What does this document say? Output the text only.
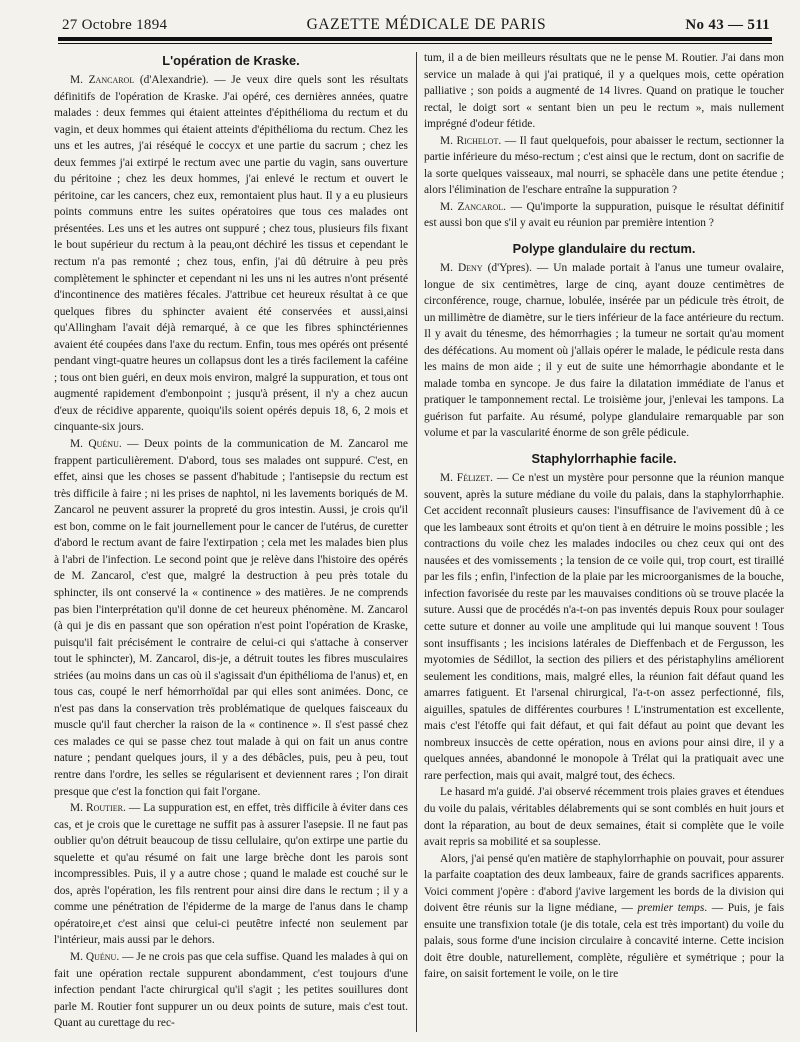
27 Octobre 1894	GAZETTE MÉDICALE DE PARIS	No 43 — 511
L'opération de Kraske.

M. Zancarol (d'Alexandrie). — Je veux dire quels sont les résultats définitifs de l'opération de Kraske. J'ai opéré, ces dernières années, quatre malades : deux femmes qui étaient atteintes d'épithélioma du rectum et du vagin, et deux hommes qui étaient atteints d'épithélioma du rectum. Chez les uns et les autres, j'ai réséqué le coccyx et une partie du sacrum ; chez les deux femmes j'ai extirpé le rectum avec une partie du vagin, sans ouverture du péritoine ; chez les deux hommes, j'ai enlevé le rectum et ouvert le péritoine, car les cancers, chez eux, remontaient plus haut. Il y a eu plusieurs points communs entre les suites opératoires que tous ces malades ont présentées. Les uns et les autres ont suppuré ; chez tous, plusieurs fils fixant le bout supérieur du rectum à la peau,ont déchiré les tissus et cependant le rectum n'a pas remonté ; chez tous, enfin, j'ai dû détruire à peu près complètement le sphincter et cependant ni les uns ni les autres n'ont présenté d'incontinence des matières fécales. J'attribue cet heureux résultat à ce que quelques fibres du sphincter avaient été conservées et aussi,ainsi qu'Allingham l'avait déjà remarqué, à ce que les fibres sphinctériennes avaient été coupées dans l'axe du rectum. Enfin, tous mes opérés ont présenté pendant vingt-quatre heures un collapsus dont les a tirés facilement la caféine ; tous ont bien guéri, en deux mois environ, malgré la suppuration, et tous ont augmenté rapidement d'embonpoint ; jusqu'à présent, il n'y a chez aucun d'eux de récidive apparente, quoiqu'ils soient opérés depuis 18, 6, 2 mois et cinquante-six jours.

M. Quénu. — Deux points de la communication de M. Zancarol me frappent particulièrement. D'abord, tous ses malades ont suppuré. C'est, en effet, ainsi que les choses se passent d'habitude ; l'antisepsie du rectum est très difficile à faire ; ni les prises de naphtol, ni les lavements boriqués de M. Zancarol ne peuvent assurer la propreté du gros intestin. Aussi, je crois qu'il est bon, comme on le fait journellement pour le cancer de l'utérus, de curetter d'abord le rectum avant de faire l'extirpation ; cela met les malades bien plus à l'abri de l'infection. Le second point que je relève dans l'histoire des opérés de M. Zancarol, c'est que, malgré la destruction à peu près totale du sphincter, ils ont conservé la « continence » des matières. Je ne comprends pas bien l'interprétation qu'il donne de cet heureux phénomène. M. Zancarol (à qui je dis en passant que son opération n'est point l'opération de Kraske, puisqu'il fait précisément le contraire de celui-ci qui s'attache à conserver tout le sphincter), M. Zancarol, dis-je, a détruit toutes les fibres musculaires striées (au moins dans un cas où il s'agissait d'un épithélioma de l'anus) et, en tous cas, coupé le nerf hémorrhoïdal par qui elles sont animées. Donc, ce n'est pas dans la conservation très problématique de quelques faisceaux du muscle qu'il faut chercher la raison de la « continence ». Il s'est passé chez ces malades ce qui se passe chez tout malade à qui on fait un anus contre nature ; pendant quelques jours, il y a des débâcles, puis, peu à peu, tout rentre dans l'ordre, les selles se régularisent et deviennent rares ; l'on dirait presque que c'est la fonction qui fait l'organe.

M. Routier. — La suppuration est, en effet, très difficile à éviter dans ces cas, et je crois que le curettage ne suffit pas à assurer l'asepsie. Il ne faut pas oublier qu'on détruit beaucoup de tissu cellulaire, qu'on extirpe une partie du squelette et qu'au résumé on fait une large brèche dont les parois sont incompressibles. Puis, il y a autre chose ; quand le malade est couché sur le dos, après l'opération, les fils rentrent pour ainsi dire dans le rectum ; il y a comme une pénétration de l'épiderme de la marge de l'anus dans le champ opératoire,et c'est ainsi que celui-ci peutêtre infecté non seulement par l'intérieur, mais aussi par le dehors.

M. Quénu. — Je ne crois pas que cela suffise. Quand les malades à qui on fait une opération rectale suppurent abondamment, c'est toujours d'une infection pendant l'acte chirurgical qu'il s'agit ; les petites souillures dont parle M. Routier font suppurer un ou deux points de suture, mais c'est tout. Quant au curettage du rec-

tum, il a de bien meilleurs résultats que ne le pense M. Routier. J'ai dans mon service un malade à qui j'ai pratiqué, il y a quelques mois, cette opération palliative ; son poids a augmenté de 14 livres. Quand on pratique le toucher rectal, le doigt sort « sentant bien un peu le rectum », mais nullement imprégné d'odeur fétide.

M. Richelot. — Il faut quelquefois, pour abaisser le rectum, sectionner la partie inférieure du méso-rectum ; c'est ainsi que le rectum, dont on sacrifie de la sorte quelques vaisseaux, mal nourri, se sphacèle dans une petite étendue ; alors l'élimination de l'eschare entraîne la suppuration ?

M. Zancarol. — Qu'importe la suppuration, puisque le résultat définitif est aussi bon que s'il y avait eu réunion par première intention ?

Polype glandulaire du rectum.

M. Deny (d'Ypres). — Un malade portait à l'anus une tumeur ovalaire, longue de six centimètres, large de cinq, ayant douze centimètres de circonférence, rouge, charnue, lobulée, insérée par un pédicule très étroit, de un millimètre de diamètre, sur le tiers inférieur de la face antérieure du rectum. Il y avait du ténesme, des hémorrhagies ; la tumeur ne sortait qu'au moment des défécations. Au moment où j'allais opérer le malade, le pédicule resta dans les mains de mon aide ; il y eut de suite une hémorrhagie abondante et le malade tomba en syncope. Je dus faire la dilatation immédiate de l'anus et pratiquer le tamponnement rectal. Le troisième jour, j'enlevai les tampons. La guérison fut parfaite. Au résumé, polype glandulaire remarquable par son volume et par la vascularité énorme de son grêle pédicule.

Staphylorrhaphie facile.

M. Félizet. — Ce n'est un mystère pour personne que la réunion manque souvent, après la suture médiane du voile du palais, dans la staphylorrhaphie. Cet accident reconnaît plusieurs causes: l'insuffisance de l'avivement dû à ce que les lambeaux sont étroits et qu'on tient à en détruire le moins possible ; les contractions du voile chez les malades indociles ou chez ceux qui ont des nausées et des vomissements ; la tension de ce voile qui, trop court, est tiraillé par les fils ; enfin, l'infection de la plaie par les microorganismes de la bouche, infection favorisée du reste par les mauvaises conditions où se trouve placée la suture. Aussi que de procédés n'a-t-on pas inventés depuis Roux pour soulager cette suture et donner au voile une amplitude qui lui manque souvent ! Tous sont insuffisants ; les incisions latérales de Dieffenbach et de Fergusson, les myotomies de Sédillot, la section des piliers et des péristaphylins améliorent seulement les conditions, mais, malgré elles, la réunion fait défaut quand les amarres fatiguent. Et l'arsenal chirurgical, l'a-t-on assez perfectionné, fils, aiguilles, spatules de différentes courbures ! L'instrumentation est excellente, mais c'est l'étoffe qui fait défaut, et qui fait défaut au point que devant les nombreux insuccès de cette opération, nous en avions pour ainsi dire, il y a quelques années, abandonné le monopole à Trélat qui la pratiquait avec une rare perfection, mais qui avait, malgré tout, des échecs.

Le hasard m'a guidé. J'ai observé récemment trois plaies graves et étendues du voile du palais, véritables délabrements qui se sont comblés en huit jours et dont la réparation, au bout de deux semaines, était si complète que le voile avait repris sa mobilité et sa souplesse.

Alors, j'ai pensé qu'en matière de staphylorrhaphie on pouvait, pour assurer la parfaite coaptation des deux lambeaux, faire de grands sacrifices apparents. Voici comment j'opère : d'abord j'avive largement les bords de la division qui doivent être réunis sur la ligne médiane, — premier temps. — Puis, je fais ensuite une transfixion totale (je dis totale, cela est très important) du voile du palais, sous forme d'une incision circulaire à concavité interne. Cette incision doit être double, naturellement, complète, régulière et symétrique ; pour la faire, on saisit fortement le voile, on le tire
